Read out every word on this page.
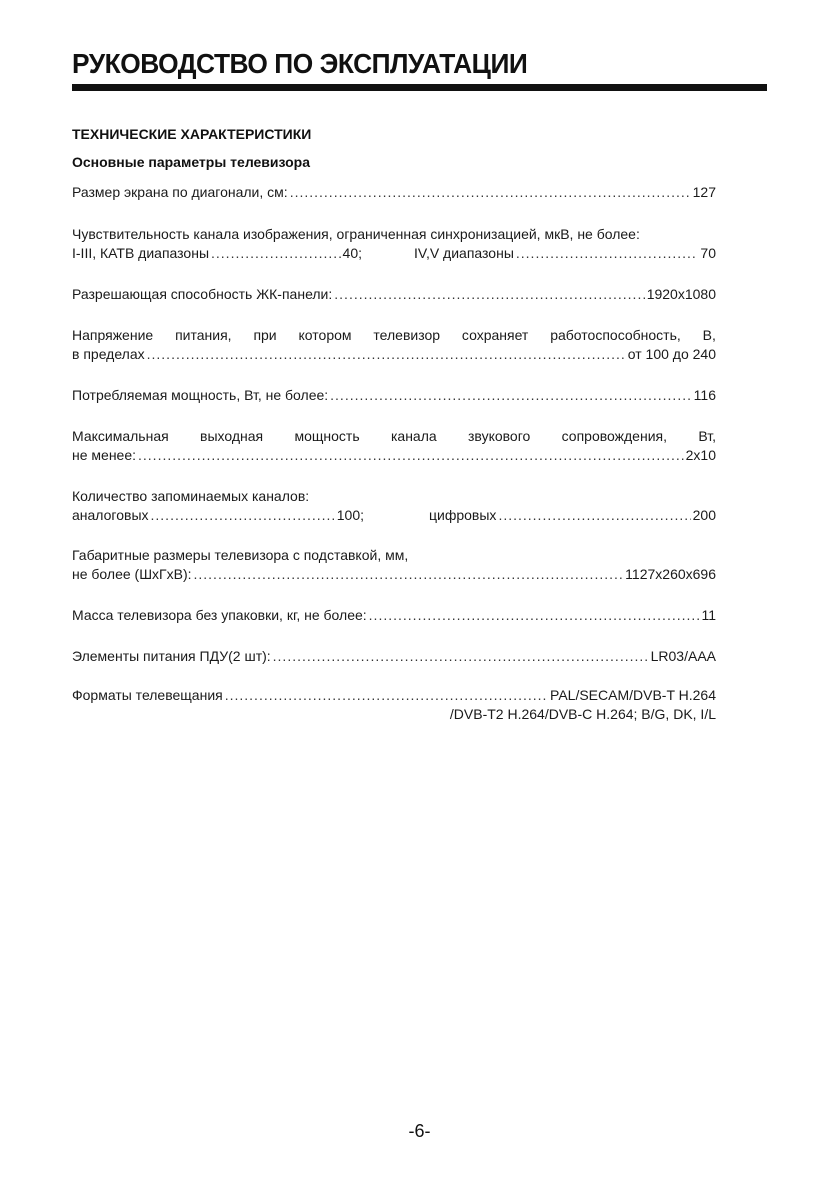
РУКОВОДСТВО ПО ЭКСПЛУАТАЦИИ
ТЕХНИЧЕСКИЕ ХАРАКТЕРИСТИКИ
Основные параметры телевизора
Размер экрана по диагонали, см: .....	127
Чувствительность канала изображения, ограниченная синхронизацией, мкВ, не более:
I-III, КАТВ диапазоны .....	40;	IV,V диапазоны .....	70
Разрешающая способность ЖК-панели: .....	1920x1080
Напряжение питания, при котором телевизор сохраняет работоспособность, В,
в пределах .....	от 100 до 240
Потребляемая мощность, Вт, не более: .....	116
Максимальная выходная мощность канала звукового сопровождения, Вт,
не менее: .....	2x10
Количество запоминаемых каналов:
аналоговых .....	100;	цифровых .....	200
Габаритные размеры телевизора с подставкой, мм,
не более (ШхГхВ): .....	1127x260x696
Масса телевизора без упаковки, кг, не более: .....	11
Элементы питания ПДУ(2 шт): .....	LR03/AAA
Форматы телевещания .....	PAL/SECAM/DVB-T H.264
/DVB-T2 H.264/DVB-C H.264; B/G, DK, I/L
-6-
